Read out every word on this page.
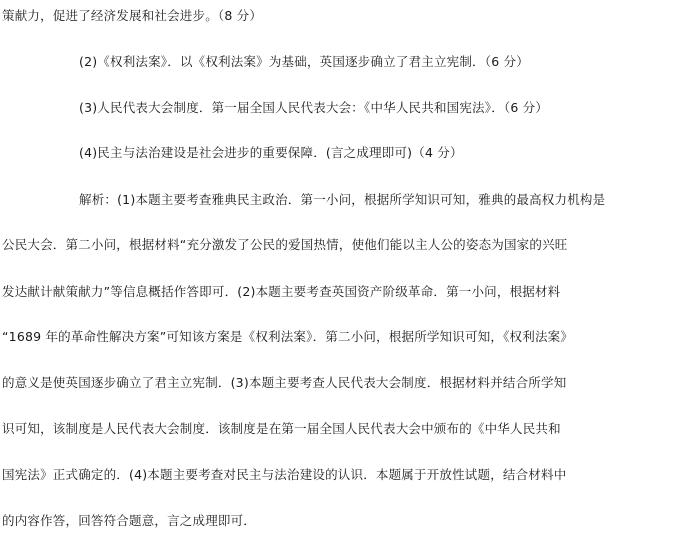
策献力，促进了经济发展和社会进步。（8 分）
(2)《权利法案》．以《权利法案》为基础，英国逐步确立了君主立宪制．（6 分）
(3)人民代表大会制度．第一届全国人民代表大会：《中华人民共和国宪法》．（6 分）
(4)民主与法治建设是社会进步的重要保障．(言之成理即可)（4 分）
解析：(1)本题主要考查雅典民主政治．第一小问，根据所学知识可知，雅典的最高权力机构是
公民大会．第二小问，根据材料“充分激发了公民的爱国热情，使他们能以主人公的姿态为国家的兴旺
发达献计献策献力”等信息概括作答即可．(2)本题主要考查英国资产阶级革命．第一小问，根据材料
“1689 年的革命性解决方案”可知该方案是《权利法案》．第二小问，根据所学知识可知，《权利法案》
的意义是使英国逐步确立了君主立宪制．(3)本题主要考查人民代表大会制度．根据材料并结合所学知
识可知，该制度是人民代表大会制度．该制度是在第一届全国人民代表大会中颁布的《中华人民共和
国宪法》正式确定的．(4)本题主要考查对民主与法治建设的认识．本题属于开放性试题，结合材料中
的内容作答，回答符合题意，言之成理即可．
